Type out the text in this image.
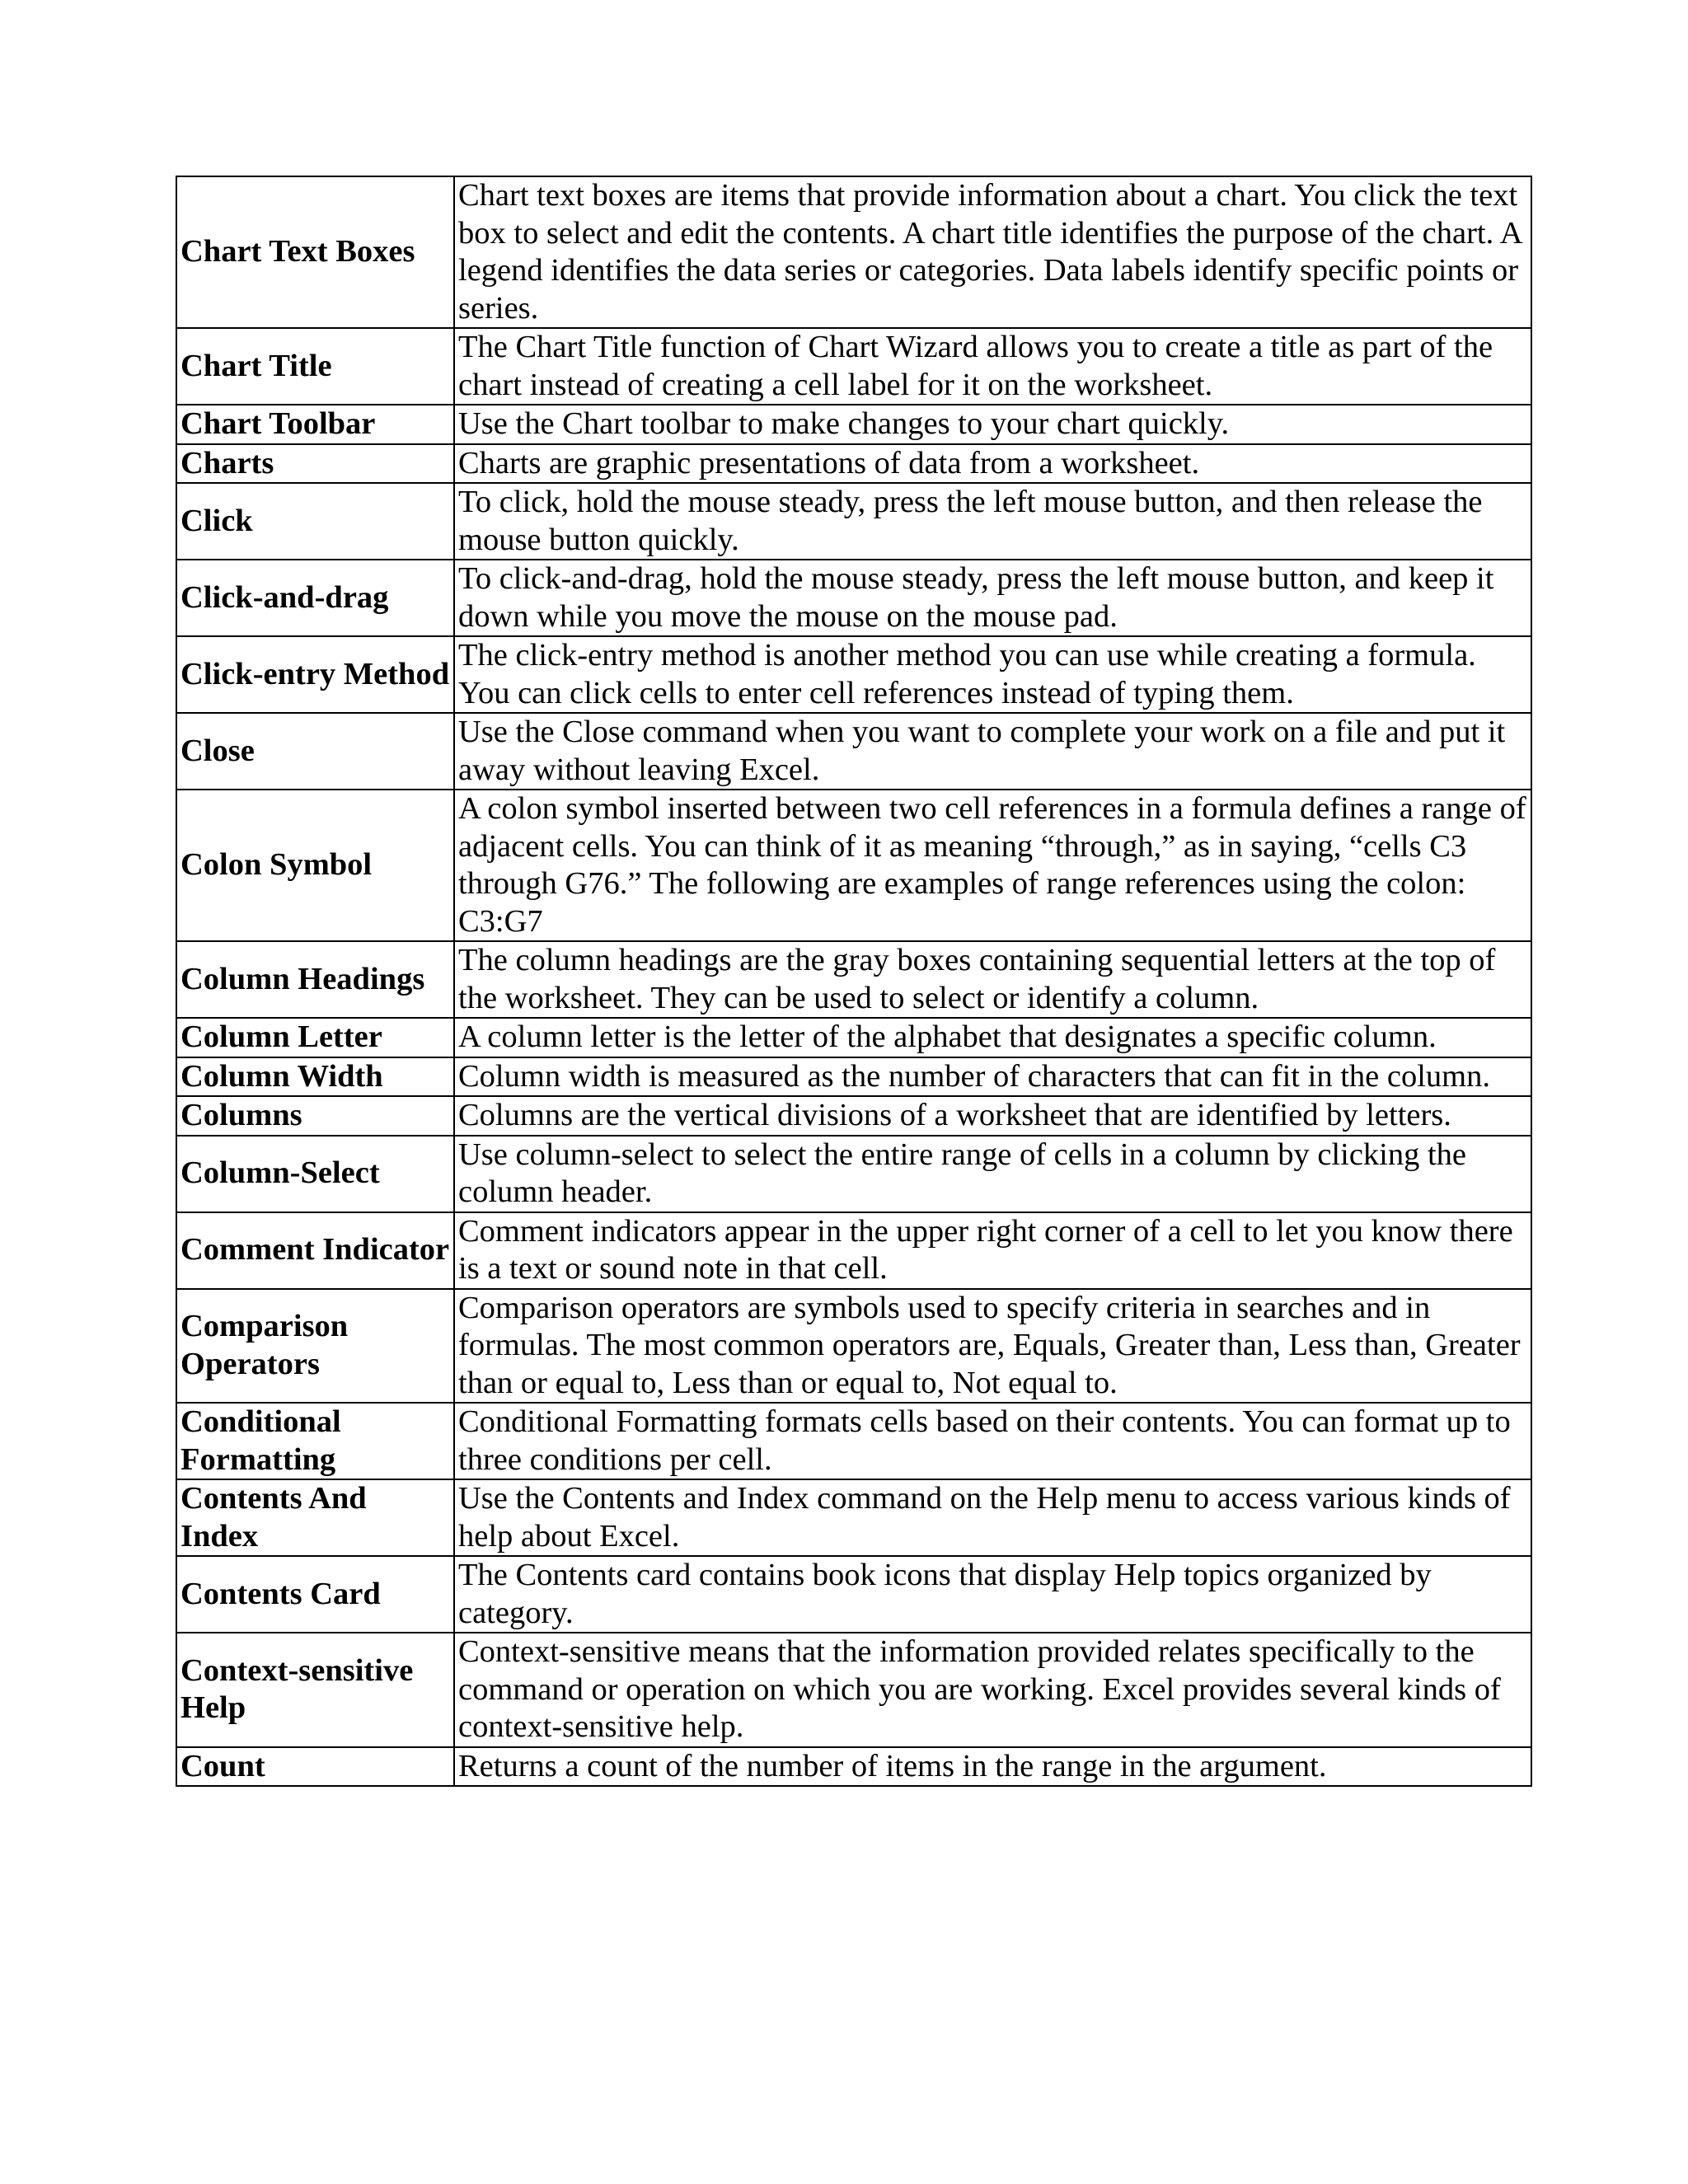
Chart Text Boxes	Chart text boxes are items that provide information about a chart. You click the text box to select and edit the contents. A chart title identifies the purpose of the chart. A legend identifies the data series or categories. Data labels identify specific points or series.
Chart Title	The Chart Title function of Chart Wizard allows you to create a title as part of the chart instead of creating a cell label for it on the worksheet.
Chart Toolbar	Use the Chart toolbar to make changes to your chart quickly.
Charts	Charts are graphic presentations of data from a worksheet.
Click	To click, hold the mouse steady, press the left mouse button, and then release the mouse button quickly.
Click-and-drag	To click-and-drag, hold the mouse steady, press the left mouse button, and keep it down while you move the mouse on the mouse pad.
Click-entry Method	The click-entry method is another method you can use while creating a formula. You can click cells to enter cell references instead of typing them.
Close	Use the Close command when you want to complete your work on a file and put it away without leaving Excel.
Colon Symbol	A colon symbol inserted between two cell references in a formula defines a range of adjacent cells. You can think of it as meaning “through,” as in saying, “cells C3 through G76.” The following are examples of range references using the colon: C3:G7
Column Headings	The column headings are the gray boxes containing sequential letters at the top of the worksheet. They can be used to select or identify a column.
Column Letter	A column letter is the letter of the alphabet that designates a specific column.
Column Width	Column width is measured as the number of characters that can fit in the column.
Columns	Columns are the vertical divisions of a worksheet that are identified by letters.
Column-Select	Use column-select to select the entire range of cells in a column by clicking the column header.
Comment Indicator	Comment indicators appear in the upper right corner of a cell to let you know there is a text or sound note in that cell.
Comparison Operators	Comparison operators are symbols used to specify criteria in searches and in formulas. The most common operators are, Equals, Greater than, Less than, Greater than or equal to, Less than or equal to, Not equal to.
Conditional Formatting	Conditional Formatting formats cells based on their contents. You can format up to three conditions per cell.
Contents And Index	Use the Contents and Index command on the Help menu to access various kinds of help about Excel.
Contents Card	The Contents card contains book icons that display Help topics organized by category.
Context-sensitive Help	Context-sensitive means that the information provided relates specifically to the command or operation on which you are working. Excel provides several kinds of context-sensitive help.
Count	Returns a count of the number of items in the range in the argument.
